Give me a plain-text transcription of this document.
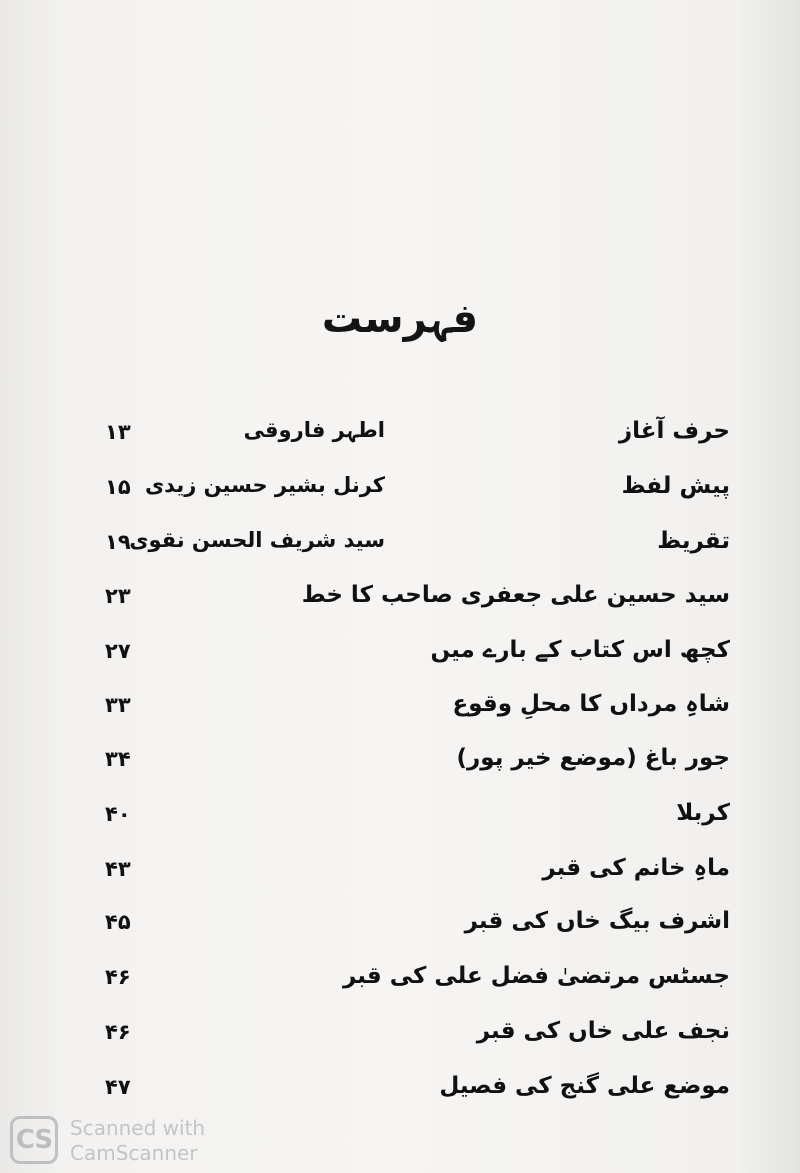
فہرست
حرف آغاز
اطہر فاروقی
۱۳
پیش لفظ
کرنل بشیر حسین زیدی
۱۵
تقریظ
سید شریف الحسن نقوی
۱۹
سید حسین علی جعفری صاحب کا خط
۲۳
کچھ اس کتاب کے بارے میں
۲۷
شاہِ مرداں کا محلِ وقوع
۳۳
جور باغ (موضع خیر پور)
۳۴
کربلا
۴۰
ماہِ خانم کی قبر
۴۳
اشرف بیگ خاں کی قبر
۴۵
جسٹس مرتضیٰ فضل علی کی قبر
۴۶
نجف علی خاں کی قبر
۴۶
موضع علی گنج کی فصیل
۴۷
CS Scanned with
CamScanner
